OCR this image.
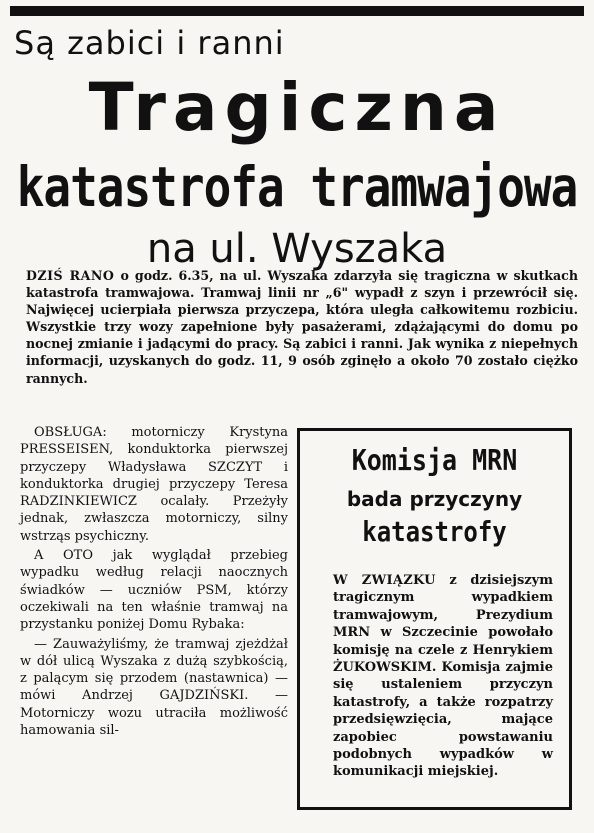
Są zabici i ranni
Tragiczna
katastrofa tramwajowa
na ul. Wyszaka

DZIŚ RANO o godz. 6.35, na ul. Wyszaka zdarzyła się tragiczna w skutkach katastrofa tramwajowa. Tramwaj linii nr „6" wypadł z szyn i przewrócił się. Najwięcej ucierpiała pierwsza przyczepa, która uległa całkowitemu rozbiciu. Wszystkie trzy wozy zapełnione były pasażerami, zdążającymi do domu po nocnej zmianie i jadącymi do pracy. Są zabici i ranni. Jak wynika z niepełnych informacji, uzyskanych do godz. 11, 9 osób zginęło a około 70 zostało ciężko rannych.

OBSŁUGA: motorniczy Krystyna PRESSEISEN, konduktorka pierwszej przyczepy Władysława SZCZYT i konduktorka drugiej przyczepy Teresa RADZINKIEWICZ ocalały. Przeżyły jednak, zwłaszcza motorniczy, silny wstrząs psychiczny.

A OTO jak wyglądał przebieg wypadku według relacji naocznych świadków — uczniów PSM, którzy oczekiwali na ten właśnie tramwaj na przystanku poniżej Domu Rybaka:

— Zauważyliśmy, że tramwaj zjeżdżał w dół ulicą Wyszaka z dużą szybkością, z palącym się przodem (nastawnica) — mówi Andrzej GAJDZIŃSKI. — Motorniczy wozu utraciła możliwość hamowania sil-

Komisja MRN
bada przyczyny
katastrofy

W ZWIĄZKU z dzisiejszym tragicznym wypadkiem tramwajowym, Prezydium MRN w Szczecinie powołało komisję na czele z Henrykiem ŻUKOWSKIM. Komisja zajmie się ustaleniem przyczyn katastrofy, a także rozpatrzy przedsięwzięcia, mające zapobiec powstawaniu podobnych wypadków w komunikacji miejskiej.
